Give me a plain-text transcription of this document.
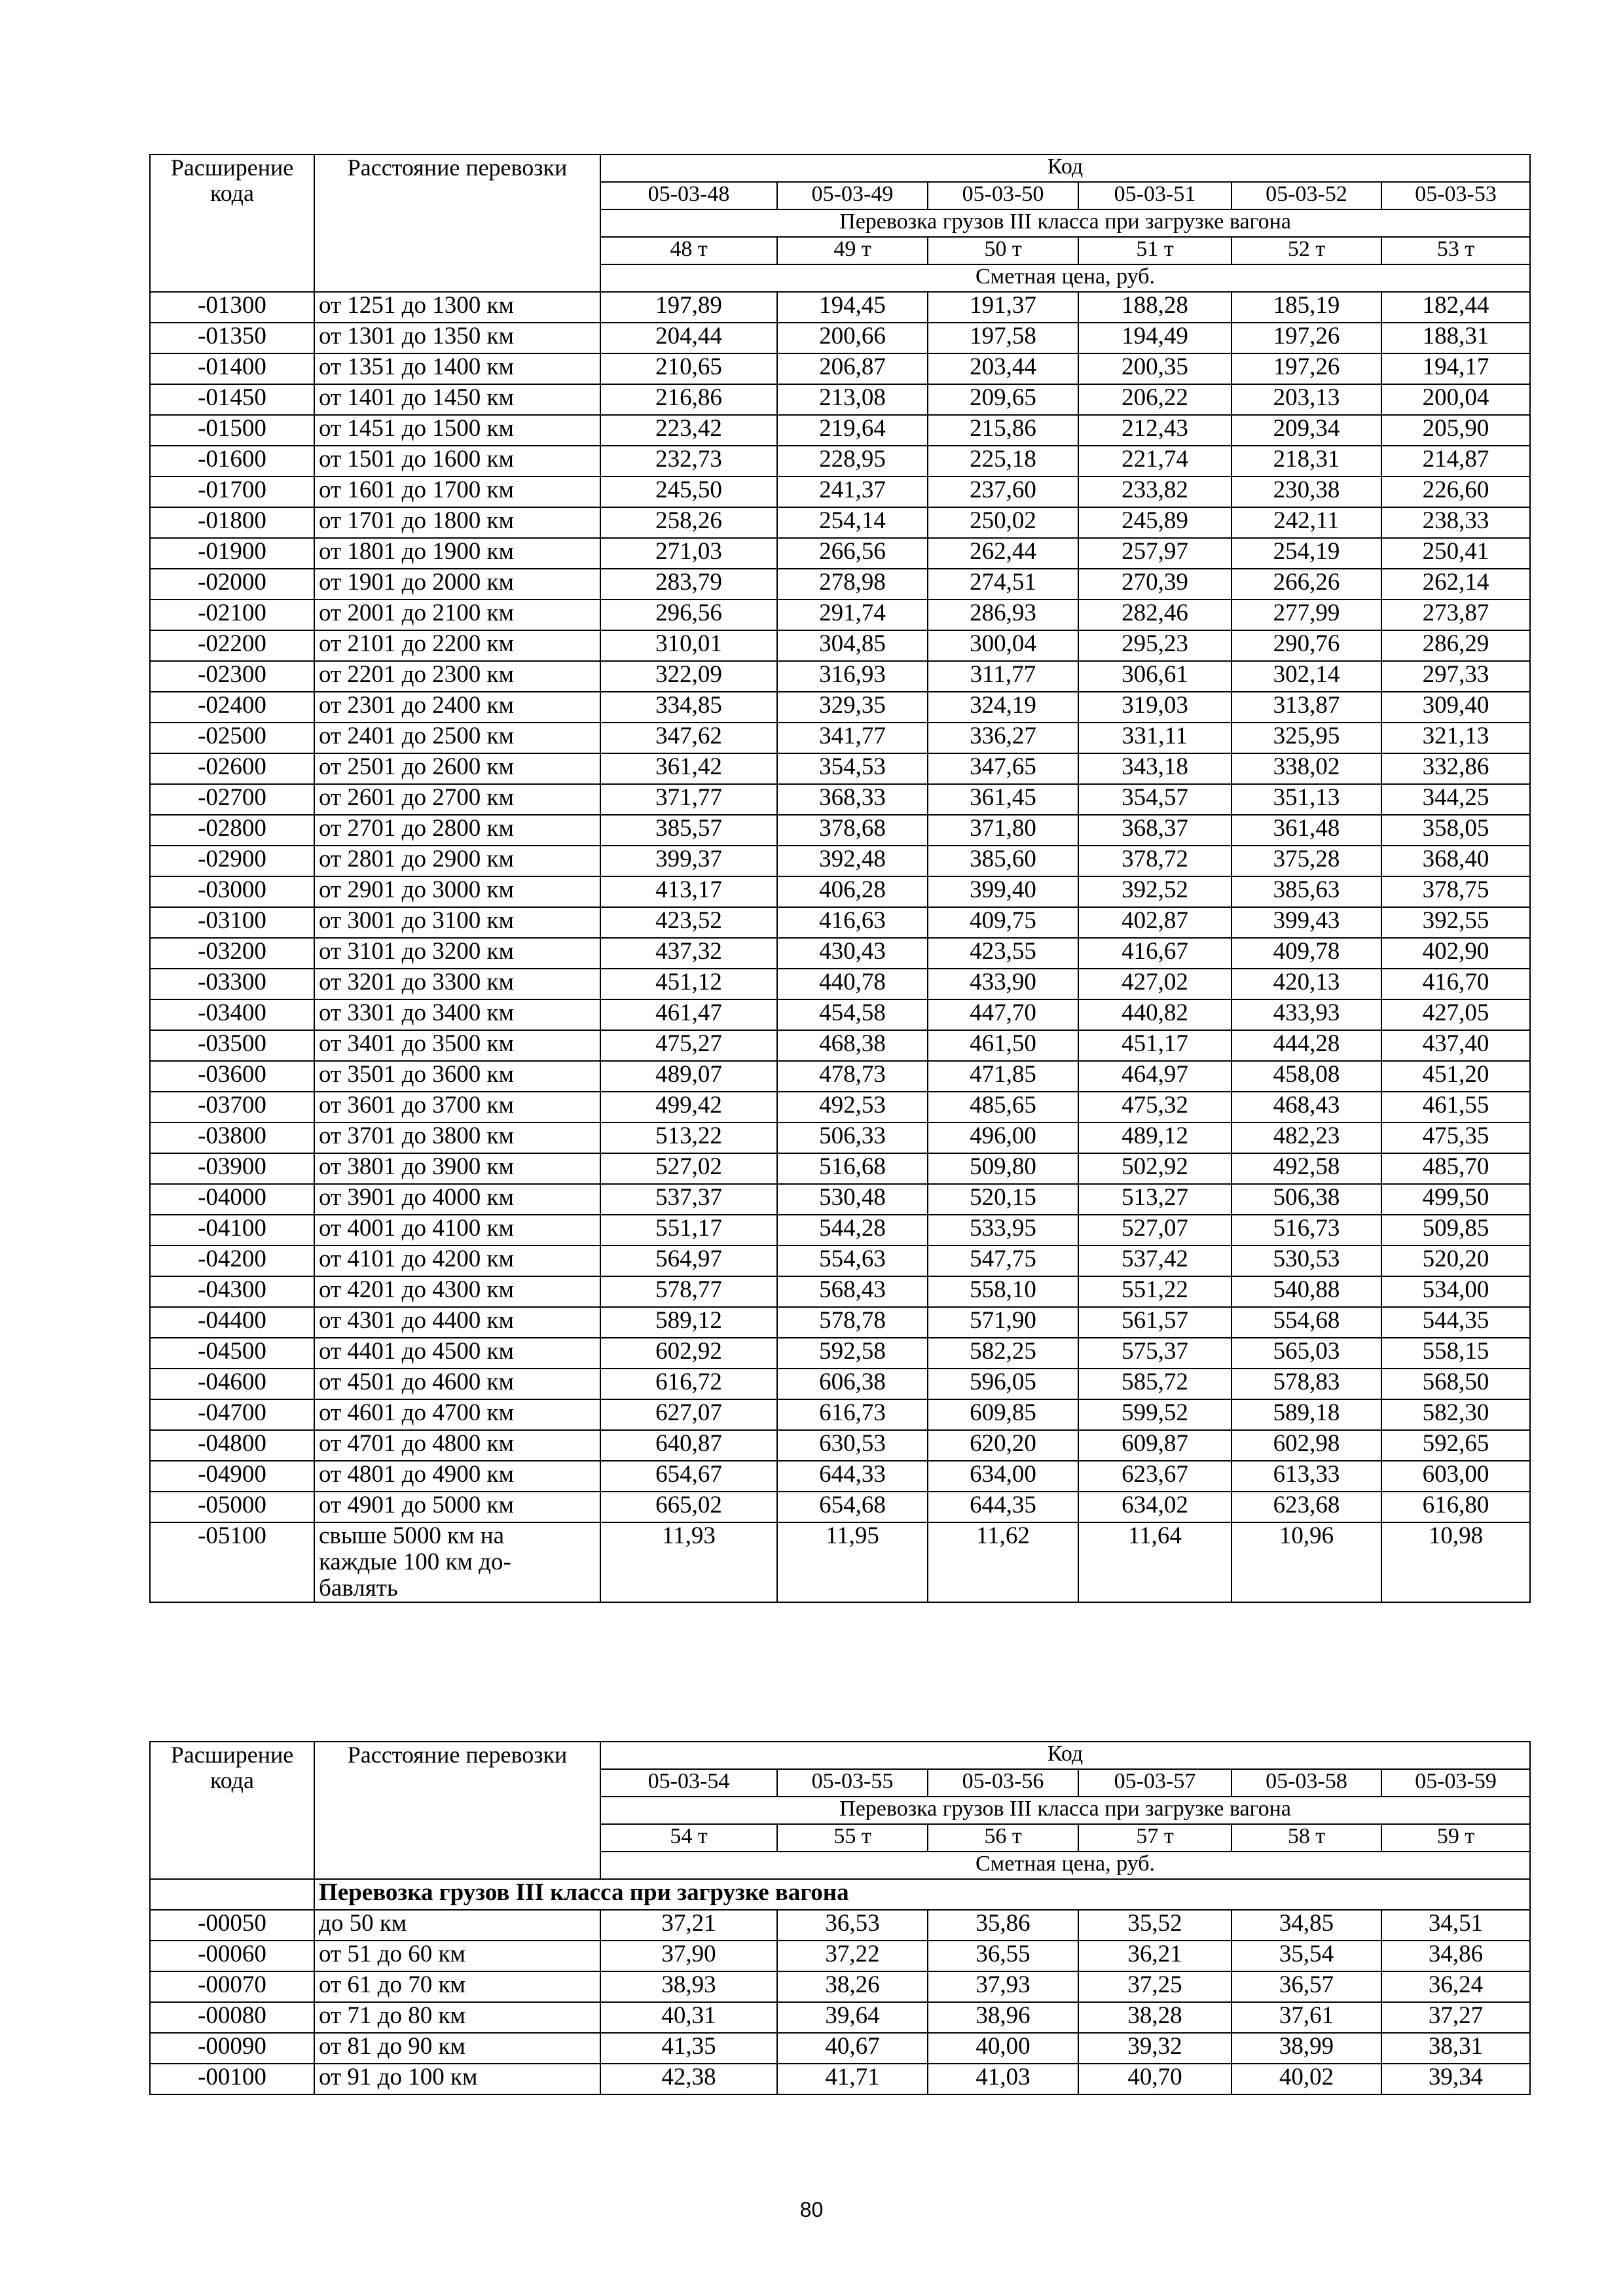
Расширение кода	Расстояние перевозки	Код					
		05-03-48	05-03-49	05-03-50	05-03-51	05-03-52	05-03-53
		Перевозка грузов III класса при загрузке вагона					
		48 т	49 т	50 т	51 т	52 т	53 т
		Сметная цена, руб.					
-01300	от 1251 до 1300 км	197,89	194,45	191,37	188,28	185,19	182,44
-01350	от 1301 до 1350 км	204,44	200,66	197,58	194,49	197,26	188,31
-01400	от 1351 до 1400 км	210,65	206,87	203,44	200,35	197,26	194,17
-01450	от 1401 до 1450 км	216,86	213,08	209,65	206,22	203,13	200,04
-01500	от 1451 до 1500 км	223,42	219,64	215,86	212,43	209,34	205,90
-01600	от 1501 до 1600 км	232,73	228,95	225,18	221,74	218,31	214,87
-01700	от 1601 до 1700 км	245,50	241,37	237,60	233,82	230,38	226,60
-01800	от 1701 до 1800 км	258,26	254,14	250,02	245,89	242,11	238,33
-01900	от 1801 до 1900 км	271,03	266,56	262,44	257,97	254,19	250,41
-02000	от 1901 до 2000 км	283,79	278,98	274,51	270,39	266,26	262,14
-02100	от 2001 до 2100 км	296,56	291,74	286,93	282,46	277,99	273,87
-02200	от 2101 до 2200 км	310,01	304,85	300,04	295,23	290,76	286,29
-02300	от 2201 до 2300 км	322,09	316,93	311,77	306,61	302,14	297,33
-02400	от 2301 до 2400 км	334,85	329,35	324,19	319,03	313,87	309,40
-02500	от 2401 до 2500 км	347,62	341,77	336,27	331,11	325,95	321,13
-02600	от 2501 до 2600 км	361,42	354,53	347,65	343,18	338,02	332,86
-02700	от 2601 до 2700 км	371,77	368,33	361,45	354,57	351,13	344,25
-02800	от 2701 до 2800 км	385,57	378,68	371,80	368,37	361,48	358,05
-02900	от 2801 до 2900 км	399,37	392,48	385,60	378,72	375,28	368,40
-03000	от 2901 до 3000 км	413,17	406,28	399,40	392,52	385,63	378,75
-03100	от 3001 до 3100 км	423,52	416,63	409,75	402,87	399,43	392,55
-03200	от 3101 до 3200 км	437,32	430,43	423,55	416,67	409,78	402,90
-03300	от 3201 до 3300 км	451,12	440,78	433,90	427,02	420,13	416,70
-03400	от 3301 до 3400 км	461,47	454,58	447,70	440,82	433,93	427,05
-03500	от 3401 до 3500 км	475,27	468,38	461,50	451,17	444,28	437,40
-03600	от 3501 до 3600 км	489,07	478,73	471,85	464,97	458,08	451,20
-03700	от 3601 до 3700 км	499,42	492,53	485,65	475,32	468,43	461,55
-03800	от 3701 до 3800 км	513,22	506,33	496,00	489,12	482,23	475,35
-03900	от 3801 до 3900 км	527,02	516,68	509,80	502,92	492,58	485,70
-04000	от 3901 до 4000 км	537,37	530,48	520,15	513,27	506,38	499,50
-04100	от 4001 до 4100 км	551,17	544,28	533,95	527,07	516,73	509,85
-04200	от 4101 до 4200 км	564,97	554,63	547,75	537,42	530,53	520,20
-04300	от 4201 до 4300 км	578,77	568,43	558,10	551,22	540,88	534,00
-04400	от 4301 до 4400 км	589,12	578,78	571,90	561,57	554,68	544,35
-04500	от 4401 до 4500 км	602,92	592,58	582,25	575,37	565,03	558,15
-04600	от 4501 до 4600 км	616,72	606,38	596,05	585,72	578,83	568,50
-04700	от 4601 до 4700 км	627,07	616,73	609,85	599,52	589,18	582,30
-04800	от 4701 до 4800 км	640,87	630,53	620,20	609,87	602,98	592,65
-04900	от 4801 до 4900 км	654,67	644,33	634,00	623,67	613,33	603,00
-05000	от 4901 до 5000 км	665,02	654,68	644,35	634,02	623,68	616,80
-05100	свыше 5000 км на
каждые 100 км до-
бавлять	11,93	11,95	11,62	11,64	10,96	10,98
Расширение кода	Расстояние перевозки	Код					
		05-03-54	05-03-55	05-03-56	05-03-57	05-03-58	05-03-59
		Перевозка грузов III класса при загрузке вагона					
		54 т	55 т	56 т	57 т	58 т	59 т
		Сметная цена, руб.					
	Перевозка грузов III класса при загрузке вагона						
-00050	до 50 км	37,21	36,53	35,86	35,52	34,85	34,51
-00060	от 51 до 60 км	37,90	37,22	36,55	36,21	35,54	34,86
-00070	от 61 до 70 км	38,93	38,26	37,93	37,25	36,57	36,24
-00080	от 71 до 80 км	40,31	39,64	38,96	38,28	37,61	37,27
-00090	от 81 до 90 км	41,35	40,67	40,00	39,32	38,99	38,31
-00100	от 91 до 100 км	42,38	41,71	41,03	40,70	40,02	39,34
80
